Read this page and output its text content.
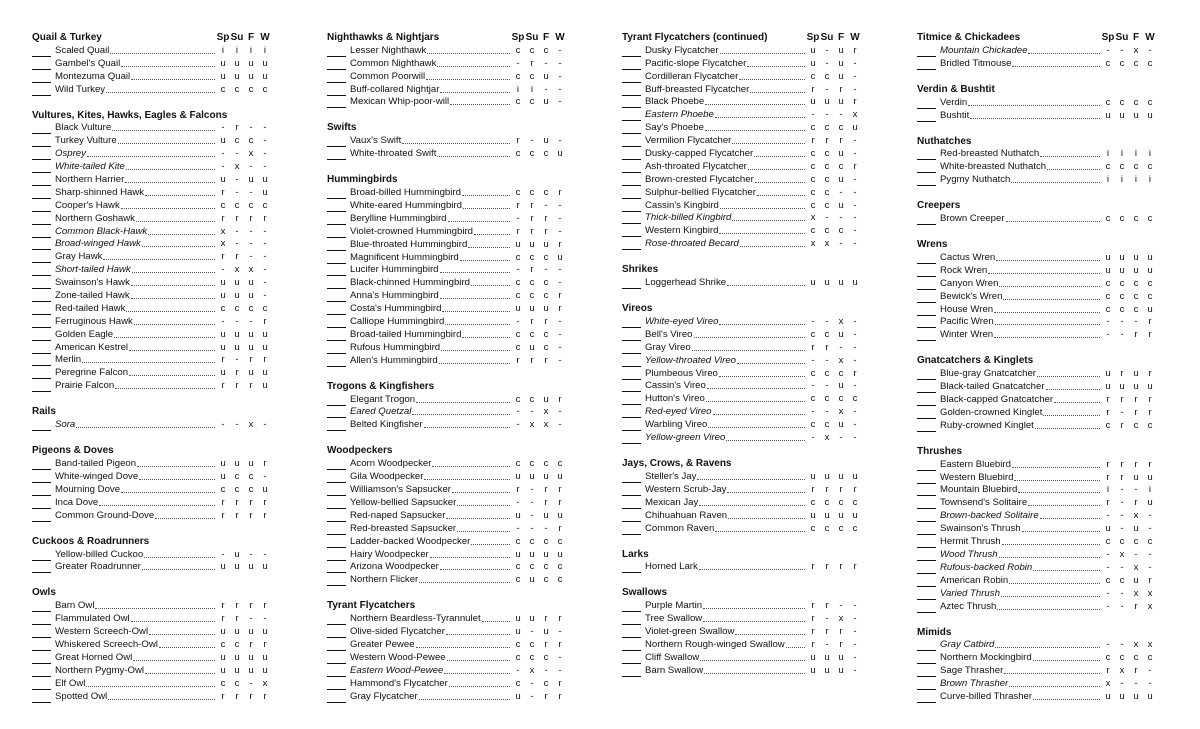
Quail & Turkey	Sp Su F W
Scaled Quail	i	i	i	i
Gambel's Quail	u u u u
Montezuma Quail	u u u u
Wild Turkey	c c c c
Vultures, Kites, Hawks, Eagles & Falcons
Black Vulture	-	r	-	-
Turkey Vulture	u c c	-
Osprey	-	-	x	-
White-tailed Kite	-	x	-	-
Northern Harrier	u	-	u u
Sharp-shinned Hawk	r	-	-	u
Cooper's Hawk	c c c c
Northern Goshawk	r	r	r	r
Common Black-Hawk	x	-	-	-
Broad-winged Hawk	x	-	-	-
Gray Hawk	r	r	-	-
Short-tailed Hawk	-	x x	-
Swainson's Hawk	u u u	-
Zone-tailed Hawk	u u u	-
Red-tailed Hawk	c c c c
Ferruginous Hawk	-	-	-	r
Golden Eagle	u u u u
American Kestrel	u u u u
Merlin	r	-	r	r
Peregrine Falcon	u	r	u u
Prairie Falcon	r	r	r	u
Rails
Sora	-	-	x	-
Pigeons & Doves
Band-tailed Pigeon	u u u	r
White-winged Dove	u c c	-
Mourning Dove	c c c u
Inca Dove	r	r	r	r
Common Ground-Dove	r	r	r	r
Cuckoos & Roadrunners
Yellow-billed Cuckoo	-	u	-	-
Greater Roadrunner	u u u u
Owls
Barn Owl	r	r	r	r
Flammulated Owl	r	r	-	-
Western Screech-Owl	u u u u
Whiskered Screech-Owl	c c	r	r
Great Horned Owl	u u u u
Northern Pygmy-Owl	u u u u
Elf Owl	c c	-	x
Spotted Owl	r	r	r	r
Nighthawks & Nightjars	Sp Su F W
Lesser Nighthawk	c c c	-
Common Nighthawk	-	r	-	-
Common Poorwill	c c u	-
Buff-collared Nightjar	i	i	-	-
Mexican Whip-poor-will	c c u	-
Swifts
Vaux's Swift	r	-	u	-
White-throated Swift	c c c u
Hummingbirds
Broad-billed Hummingbird	c c c	r
White-eared Hummingbird	r	r	-	-
Berylline Hummingbird	-	r	r	-
Violet-crowned Hummingbird	r	r	r	-
Blue-throated Hummingbird	u u u	r
Magnificent Hummingbird	c c c u
Lucifer Hummingbird	-	r	-	-
Black-chinned Hummingbird	c c c	-
Anna's Hummingbird	c c c	r
Costa's Hummingbird	u u u	r
Calliope Hummingbird	-	r	r	-
Broad-tailed Hummingbird	c c c	-
Rufous Hummingbird	c u c	-
Allen's Hummingbird	r	r	r	-
Trogons & Kingfishers
Elegant Trogon	c c u	r
Eared Quetzal	-	-	x	-
Belted Kingfisher	-	x x	-
Woodpeckers
Acorn Woodpecker	c c c c
Gila Woodpecker	u u u u
Williamson's Sapsucker	r	-	r	r
Yellow-bellied Sapsucker	-	-	r	r
Red-naped Sapsucker	u	-	u u
Red-breasted Sapsucker	-	-	-	r
Ladder-backed Woodpecker	c c c c
Hairy Woodpecker	u u u u
Arizona Woodpecker	c c c c
Northern Flicker	c u c c
Tyrant Flycatchers
Northern Beardless-Tyrannulet	u u	r	r
Olive-sided Flycatcher	u	-	u	-
Greater Pewee	c c	r	r
Western Wood-Pewee	c c c	-
Eastern Wood-Pewee	-	x	-	-
Hammond's Flycatcher	c	-	c	r
Gray Flycatcher	u	-	r	r
Tyrant Flycatchers (continued)	Sp Su F W
Dusky Flycatcher	u	-	u	r
Pacific-slope Flycatcher	u	-	u	-
Cordilleran Flycatcher	c c u	-
Buff-breasted Flycatcher	r	-	r	-
Black Phoebe	u u u	r
Eastern Phoebe	-	-	-	x
Say's Phoebe	c c c u
Vermilion Flycatcher	r	r	r	-
Dusky-capped Flycatcher	c c u	-
Ash-throated Flycatcher	c c c	r
Brown-crested Flycatcher	c c u	-
Sulphur-bellied Flycatcher	c c	-	-
Cassin's Kingbird	c c u	-
Thick-billed Kingbird	x	-	-	-
Western Kingbird	c c c	-
Rose-throated Becard	x x	-	-
Shrikes
Loggerhead Shrike	u u u u
Vireos
White-eyed Vireo	-	-	x	-
Bell's Vireo	c c u	-
Gray Vireo	r	r	-	-
Yellow-throated Vireo	-	-	x	-
Plumbeous Vireo	c c c	r
Cassin's Vireo	-	-	u	-
Hutton's Vireo	c c c c
Red-eyed Vireo	-	-	x	-
Warbling Vireo	c c u	-
Yellow-green Vireo	-	x	-	-
Jays, Crows, & Ravens
Steller's Jay	u u u u
Western Scrub-Jay	r	r	r	r
Mexican Jay	c c c c
Chihuahuan Raven	u u u u
Common Raven	c c c c
Larks
Horned Lark	r	r	r	r
Swallows
Purple Martin	r	r	-	-
Tree Swallow	r	-	x	-
Violet-green Swallow	r	r	r	-
Northern Rough-winged Swallow	r	-	r	-
Cliff Swallow	u u u	-
Barn Swallow	u u u	-
Titmice & Chickadees	Sp Su F W
Mountain Chickadee	-	-	x	-
Bridled Titmouse	c c c c
Verdin & Bushtit
Verdin	c c c c
Bushtit	u u u u
Nuthatches
Red-breasted Nuthatch	i	i	i	i
White-breasted Nuthatch	c c c c
Pygmy Nuthatch	i	i	i	i
Creepers
Brown Creeper	c c c c
Wrens
Cactus Wren	u u u u
Rock Wren	u u u u
Canyon Wren	c c c c
Bewick's Wren	c c c c
House Wren	c c c u
Pacific Wren	-	-	-	r
Winter Wren	-	-	r	r
Gnatcatchers & Kinglets
Blue-gray Gnatcatcher	u	r	u	r
Black-tailed Gnatcatcher	u u u u
Black-capped Gnatcatcher	r	r	r	r
Golden-crowned Kinglet	r	-	r	r
Ruby-crowned Kinglet	c	r	c c
Thrushes
Eastern Bluebird	r	r	r	r
Western Bluebird	r	r	u u
Mountain Bluebird	i	-	-	i
Townsend's Solitaire	r	-	r	u
Brown-backed Solitaire	-	-	x	-
Swainson's Thrush	u	-	u	-
Hermit Thrush	c c c c
Wood Thrush	-	x	-	-
Rufous-backed Robin	-	-	x	-
American Robin	c c u	r
Varied Thrush	-	-	x x
Aztec Thrush	-	-	r	x
Mimids
Gray Catbird	-	-	x x
Northern Mockingbird	c c c c
Sage Thrasher	r	x	r	-
Brown Thrasher	x	-	-	-
Curve-billed Thrasher	u u u u
